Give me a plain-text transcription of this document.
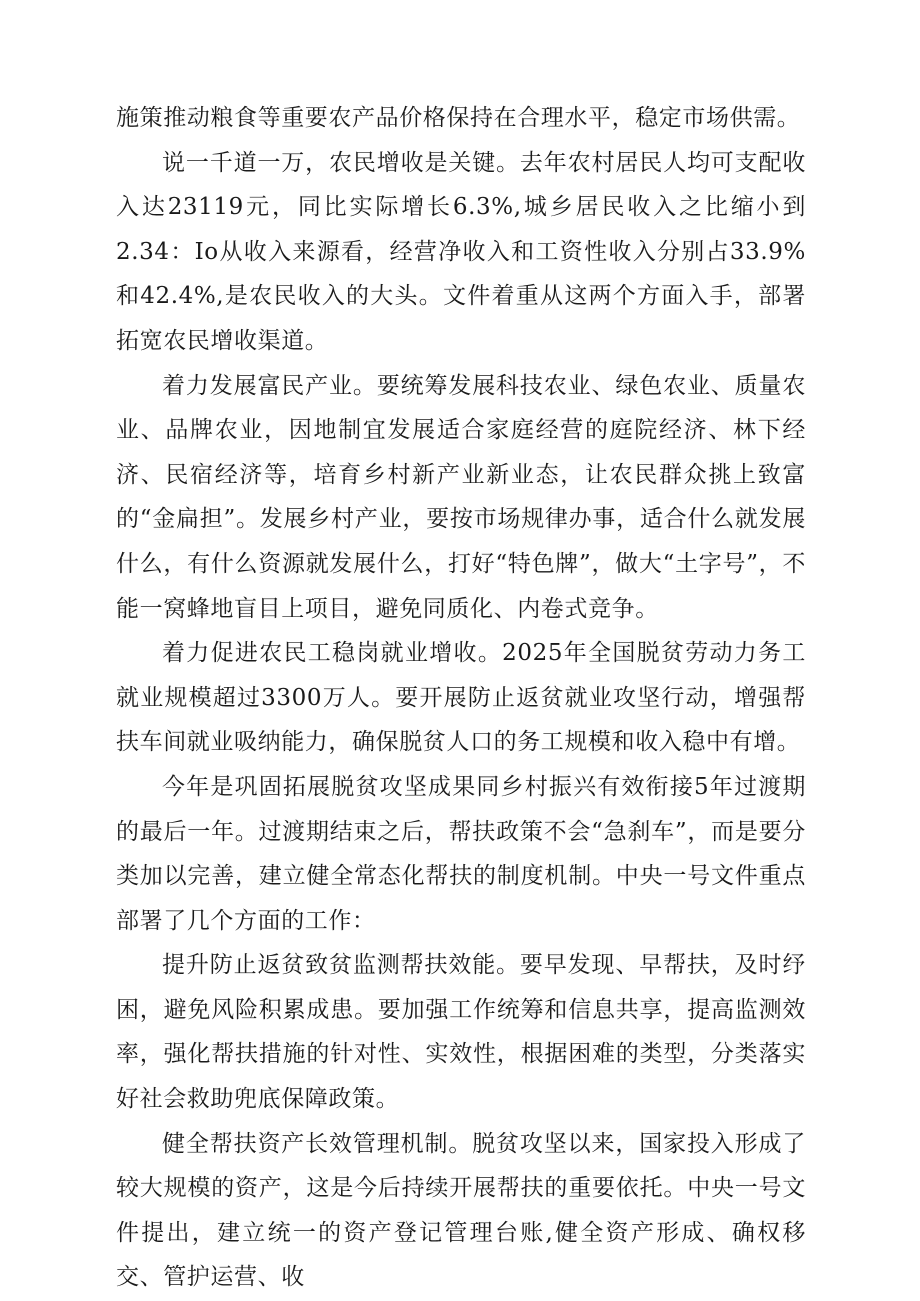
施策推动粮食等重要农产品价格保持在合理水平，稳定市场供需。

说一千道一万，农民增收是关键。去年农村居民人均可支配收入达23119元，同比实际增长6.3%,城乡居民收入之比缩小到2.34：Io从收入来源看，经营净收入和工资性收入分别占33.9%和42.4%,是农民收入的大头。文件着重从这两个方面入手，部署拓宽农民增收渠道。

着力发展富民产业。要统筹发展科技农业、绿色农业、质量农业、品牌农业，因地制宜发展适合家庭经营的庭院经济、林下经济、民宿经济等，培育乡村新产业新业态，让农民群众挑上致富的“金扁担”。发展乡村产业，要按市场规律办事，适合什么就发展什么，有什么资源就发展什么，打好“特色牌”，做大“土字号”，不能一窝蜂地盲目上项目，避免同质化、内卷式竞争。

着力促进农民工稳岗就业增收。2025年全国脱贫劳动力务工就业规模超过3300万人。要开展防止返贫就业攻坚行动，增强帮扶车间就业吸纳能力，确保脱贫人口的务工规模和收入稳中有增。

今年是巩固拓展脱贫攻坚成果同乡村振兴有效衔接5年过渡期的最后一年。过渡期结束之后，帮扶政策不会“急刹车”，而是要分类加以完善，建立健全常态化帮扶的制度机制。中央一号文件重点部署了几个方面的工作：

提升防止返贫致贫监测帮扶效能。要早发现、早帮扶，及时纾困，避免风险积累成患。要加强工作统筹和信息共享，提高监测效率，强化帮扶措施的针对性、实效性，根据困难的类型，分类落实好社会救助兜底保障政策。

健全帮扶资产长效管理机制。脱贫攻坚以来，国家投入形成了较大规模的资产，这是今后持续开展帮扶的重要依托。中央一号文件提出，建立统一的资产登记管理台账,健全资产形成、确权移交、管护运营、收
